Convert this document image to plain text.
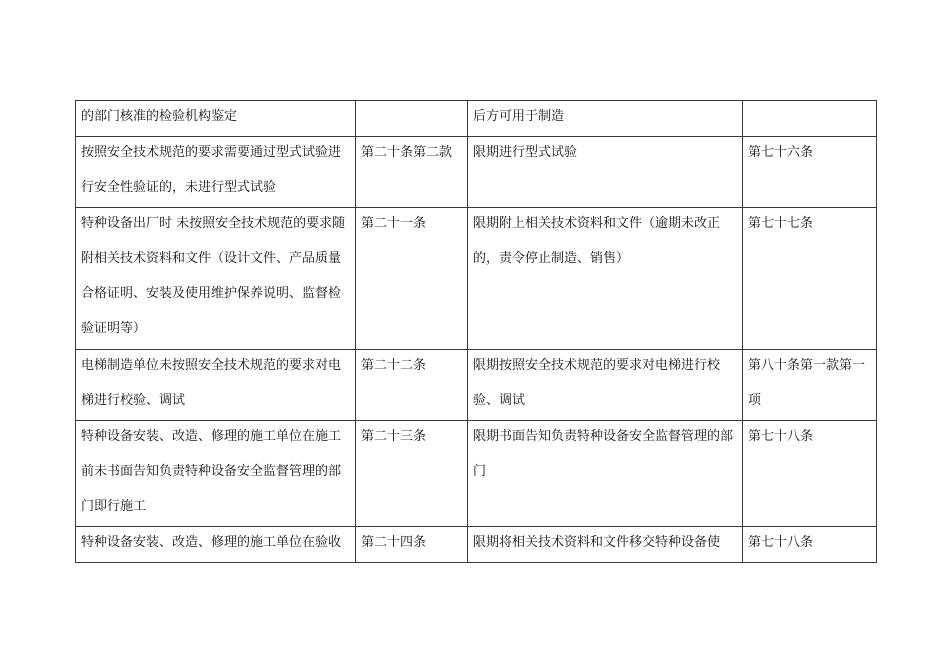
的部门核准的检验机构鉴定		后方可用于制造	

按照安全技术规范的要求需要通过型式试验进行安全性验证的，未进行型式试验	第二十条第二款	限期进行型式试验	第七十六条

特种设备出厂时 未按照安全技术规范的要求随附相关技术资料和文件（设计文件、产品质量合格证明、安装及使用维护保养说明、监督检验证明等）	第二十一条	限期附上相关技术资料和文件（逾期未改正的，责令停止制造、销售）	第七十七条

电梯制造单位未按照安全技术规范的要求对电梯进行校验、调试	第二十二条	限期按照安全技术规范的要求对电梯进行校验、调试	第八十条第一款第一项

特种设备安装、改造、修理的施工单位在施工前未书面告知负责特种设备安全监督管理的部门即行施工	第二十三条	限期书面告知负责特种设备安全监督管理的部门	第七十八条

特种设备安装、改造、修理的施工单位在验收	第二十四条	限期将相关技术资料和文件移交特种设备使	第七十八条
